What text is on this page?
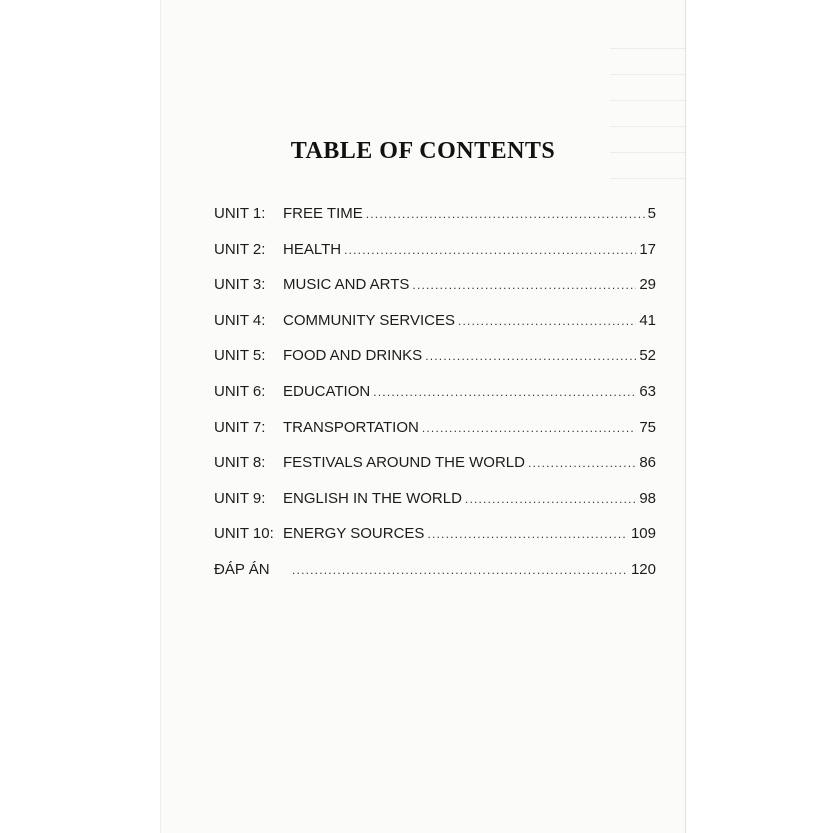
TABLE OF CONTENTS
UNIT 1:	FREE TIME .....	5
UNIT 2:	HEALTH .....	17
UNIT 3:	MUSIC AND ARTS .....	29
UNIT 4:	COMMUNITY SERVICES .....	41
UNIT 5:	FOOD AND DRINKS .....	52
UNIT 6:	EDUCATION .....	63
UNIT 7:	TRANSPORTATION .....	75
UNIT 8:	FESTIVALS AROUND THE WORLD .....	86
UNIT 9:	ENGLISH IN THE WORLD .....	98
UNIT 10: ENERGY SOURCES .....	109
ĐÁP ÁN .....	120
